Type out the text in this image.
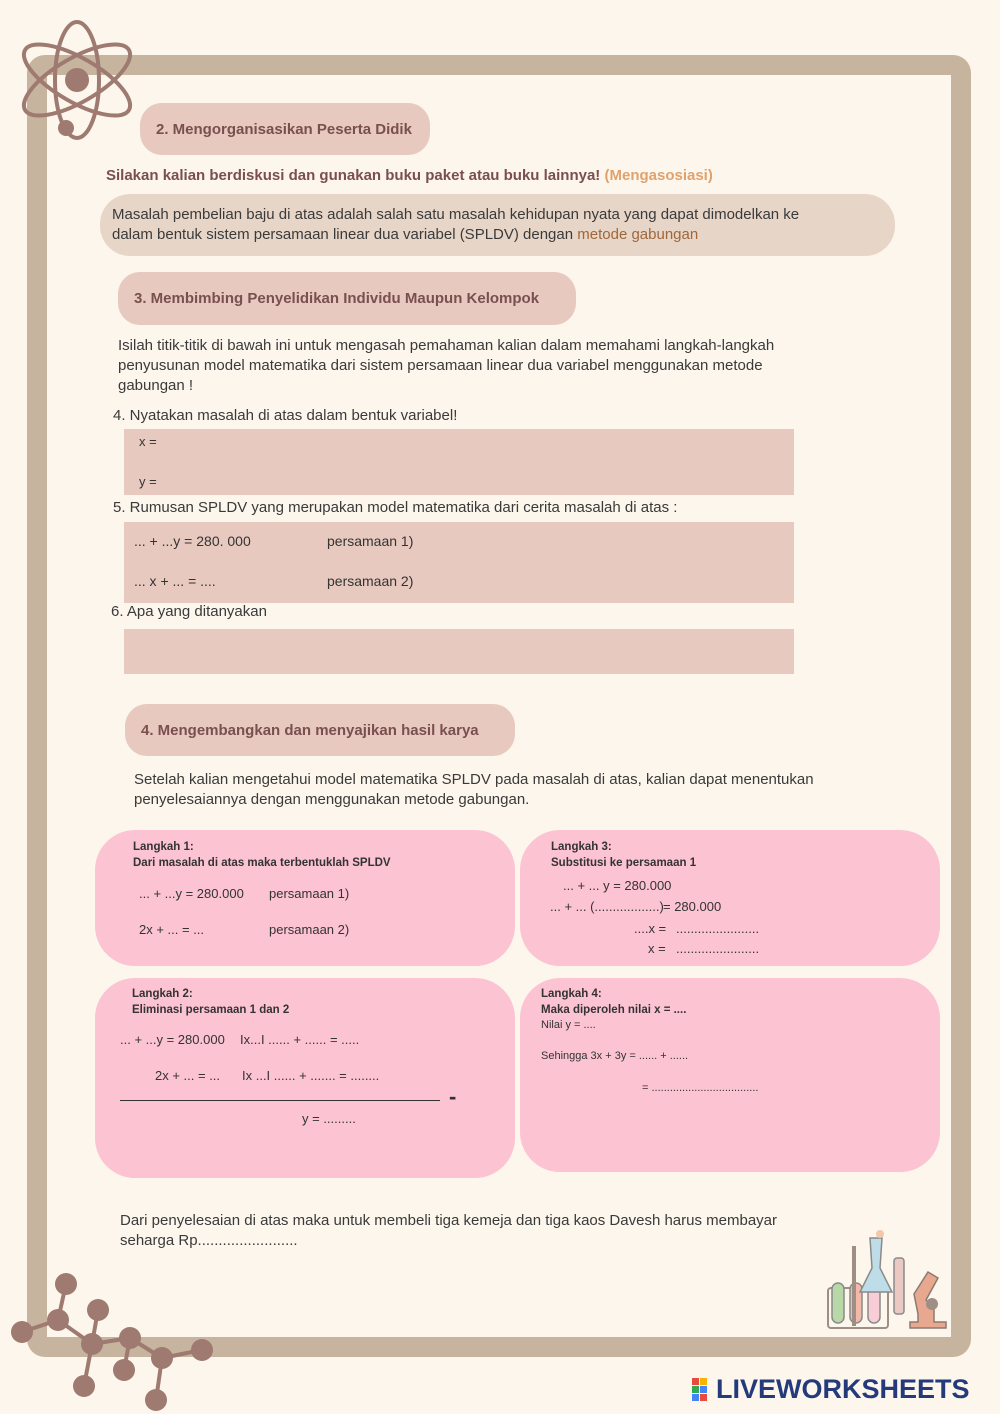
2. Mengorganisasikan Peserta Didik
Silakan kalian berdiskusi dan gunakan buku paket atau buku lainnya! (Mengasosiasi)
Masalah pembelian baju di atas adalah salah satu masalah kehidupan nyata yang dapat dimodelkan ke
dalam bentuk sistem persamaan linear dua variabel (SPLDV) dengan metode gabungan
3. Membimbing Penyelidikan Individu Maupun Kelompok
Isilah titik-titik di bawah ini untuk mengasah pemahaman kalian dalam memahami langkah-langkah
penyusunan model matematika dari sistem persamaan linear dua variabel menggunakan metode
gabungan !
4. Nyatakan masalah di atas dalam bentuk variabel!
x =
y =
5. Rumusan SPLDV yang merupakan model matematika dari cerita masalah di atas :
... + ...y = 280. 000	persamaan 1)
... x + ... = ....	persamaan 2)
6. Apa yang ditanyakan
4. Mengembangkan dan menyajikan hasil karya
Setelah kalian mengetahui model matematika SPLDV pada masalah di atas, kalian dapat menentukan
penyelesaiannya dengan menggunakan metode gabungan.
Langkah 1:
Dari masalah di atas maka terbentuklah SPLDV
... + ...y = 280.000 persamaan 1)
2x + ... = ...	persamaan 2)
Langkah 3:
Substitusi ke persamaan 1
... + ... y = 280.000
... + ... (..................) = 280.000
....x = .......................
x = .......................
Langkah 2:
Eliminasi persamaan 1 dan 2
... + ...y = 280.000 Ix...I ...... + ...... = .....
2x + ... = ... Ix ...I ...... + ....... = ........
-
y = .........
Langkah 4:
Maka diperoleh nilai x = ....
Nilai y = ....
Sehingga 3x + 3y = ...... + ......
= ...................................
Dari penyelesaian di atas maka untuk membeli tiga kemeja dan tiga kaos Davesh harus membayar
seharga Rp........................
LIVEWORKSHEETS
